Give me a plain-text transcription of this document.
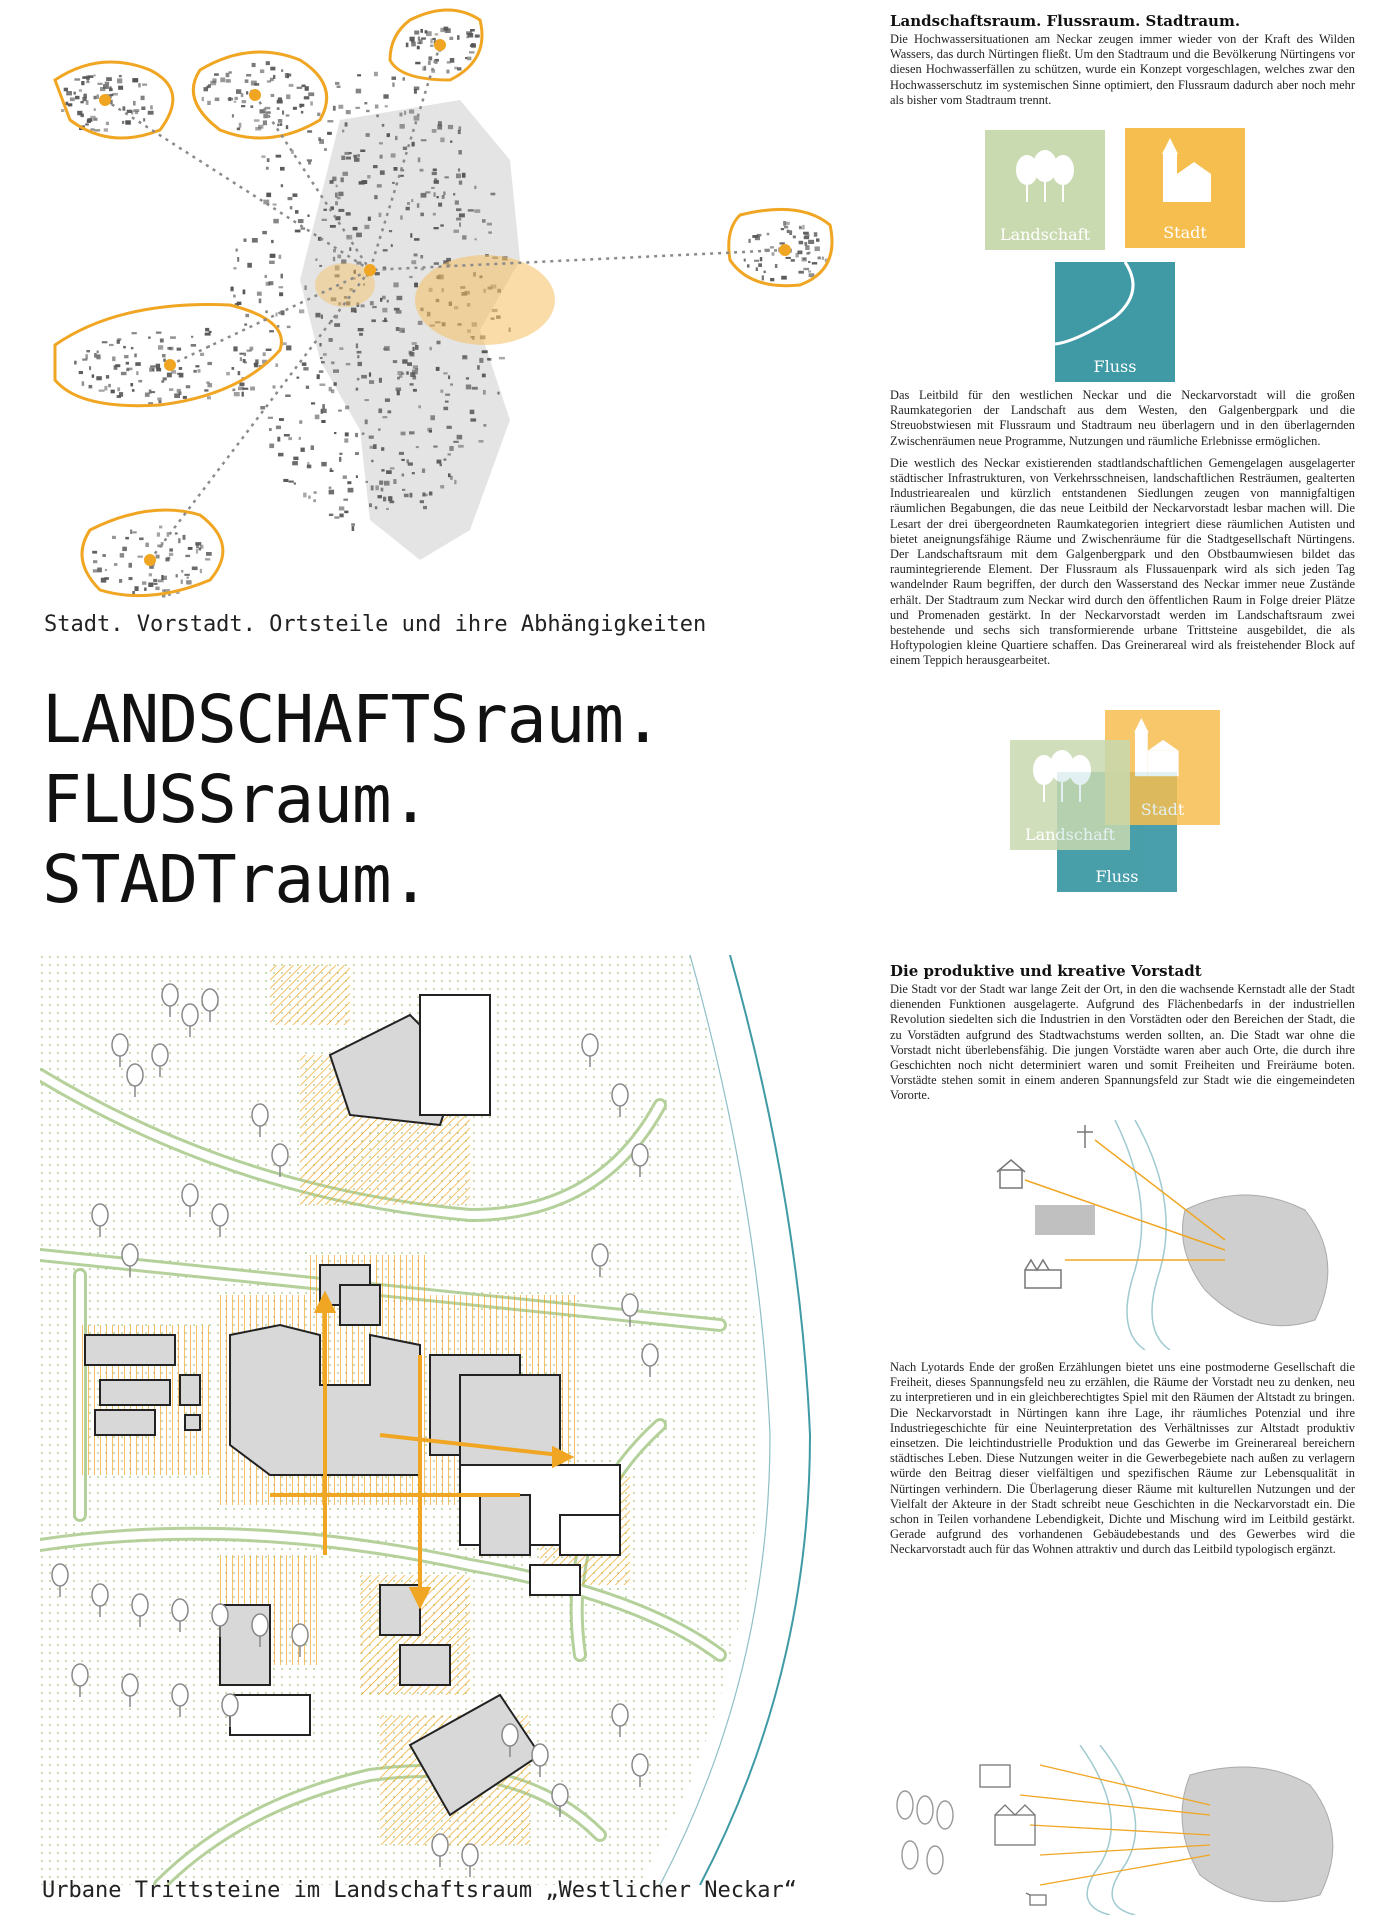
Stadt. Vorstadt. Ortsteile und ihre Abhängigkeiten
LANDSCHAFTSraum.
FLUSSraum.
STADTraum.
Urbane Trittsteine im Landschaftsraum „Westlicher Neckar“
Landschaftsraum. Flussraum. Stadtraum.

Die Hochwassersituationen am Neckar zeugen immer wieder von der Kraft des Wilden Wassers, das durch Nürtingen fließt. Um den Stadtraum und die Bevölkerung Nürtingens vor diesen Hochwasserfällen zu schützen, wurde ein Konzept vorgeschlagen, welches zwar den Hochwasserschutz im systemischen Sinne optimiert, den Flussraum dadurch aber noch mehr als bisher vom Stadtraum trennt.

Landschaft	Stadt
Fluss

Das Leitbild für den westlichen Neckar und die Neckarvorstadt will die großen Raumkategorien der Landschaft aus dem Westen, den Galgenbergpark und die Streuobstwiesen mit Flussraum und Stadtraum neu überlagern und in den überlagernden Zwischenräumen neue Programme, Nutzungen und räumliche Erlebnisse ermöglichen.

Die westlich des Neckar existierenden stadtlandschaftlichen Gemengelagen ausgelagerter städtischer Infrastrukturen, von Verkehrsschneisen, landschaftlichen Resträumen, gealterten Industriearealen und kürzlich entstandenen Siedlungen zeugen von mannigfaltigen räumlichen Begabungen, die das neue Leitbild der Neckarvorstadt lesbar machen will. Die Lesart der drei übergeordneten Raumkategorien integriert diese räumlichen Autisten und bietet aneignungsfähige Räume und Zwischenräume für die Stadtgesellschaft Nürtingens. Der Landschaftsraum mit dem Galgenbergpark und den Obstbaumwiesen bildet das raumintegrierende Element. Der Flussraum als Flussauenpark wird als sich jeden Tag wandelnder Raum begriffen, der durch den Wasserstand des Neckar immer neue Zustände erhält. Der Stadtraum zum Neckar wird durch den öffentlichen Raum in Folge dreier Plätze und Promenaden gestärkt. In der Neckarvorstadt werden im Landschaftsraum zwei bestehende und sechs sich transformierende urbane Trittsteine ausgebildet, die als Hoftypologien kleine Quartiere schaffen. Das Greinerareal wird als freistehender Block auf einem Teppich herausgearbeitet.

Fluss
Stadt
Landschaft
Die produktive und kreative Vorstadt

Die Stadt vor der Stadt war lange Zeit der Ort, in den die wachsende Kernstadt alle der Stadt dienenden Funktionen ausgelagerte. Aufgrund des Flächenbedarfs in der industriellen Revolution siedelten sich die Industrien in den Vorstädten oder den Bereichen der Stadt, die zu Vorstädten aufgrund des Stadtwachstums werden sollten, an. Die Stadt war ohne die Vorstadt nicht überlebensfähig. Die jungen Vorstädte waren aber auch Orte, die durch ihre Geschichten noch nicht determiniert waren und somit Freiheiten und Freiräume boten. Vorstädte stehen somit in einem anderen Spannungsfeld zur Stadt wie die eingemeindeten Vororte.

Nach Lyotards Ende der großen Erzählungen bietet uns eine postmoderne Gesellschaft die Freiheit, dieses Spannungsfeld neu zu erzählen, die Räume der Vorstadt neu zu denken, neu zu interpretieren und in ein gleichberechtigtes Spiel mit den Räumen der Altstadt zu bringen. Die Neckarvorstadt in Nürtingen kann ihre Lage, ihr räumliches Potenzial und ihre Industriegeschichte für eine Neuinterpretation des Verhältnisses zur Altstadt produktiv einsetzen. Die leichtindustrielle Produktion und das Gewerbe im Greinerareal bereichern städtisches Leben. Diese Nutzungen weiter in die Gewerbegebiete nach außen zu verlagern würde den Beitrag dieser vielfältigen und spezifischen Räume zur Lebensqualität in Nürtingen verhindern. Die Überlagerung dieser Räume mit kulturellen Nutzungen und der Vielfalt der Akteure in der Stadt schreibt neue Geschichten in die Neckarvorstadt ein. Die schon in Teilen vorhandene Lebendigkeit, Dichte und Mischung wird im Leitbild gestärkt. Gerade aufgrund des vorhandenen Gebäudebestands und des Gewerbes wird die Neckarvorstadt auch für das Wohnen attraktiv und durch das Leitbild typologisch ergänzt.
